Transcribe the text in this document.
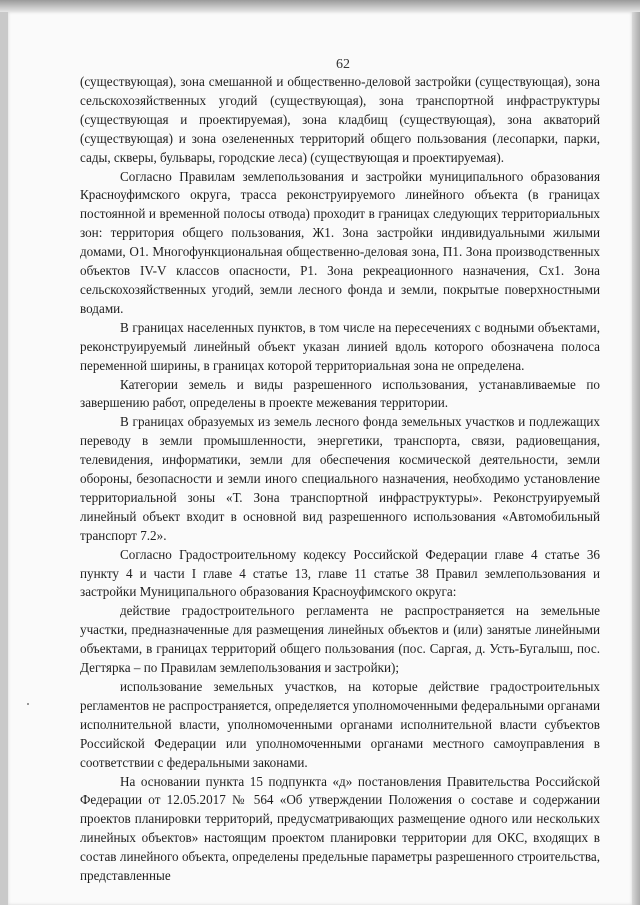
62

(существующая), зона смешанной и общественно-деловой застройки (существующая), зона сельскохозяйственных угодий (существующая), зона транспортной инфраструктуры (существующая и проектируемая), зона кладбищ (существующая), зона акваторий (существующая) и зона озелененных территорий общего пользования (лесопарки, парки, сады, скверы, бульвары, городские леса) (существующая и проектируемая).

Согласно Правилам землепользования и застройки муниципального образования Красноуфимского округа, трасса реконструируемого линейного объекта (в границах постоянной и временной полосы отвода) проходит в границах следующих территориальных зон: территория общего пользования, Ж1. Зона застройки индивидуальными жилыми домами, О1. Многофункциональная общественно-деловая зона, П1. Зона производственных объектов IV-V классов опасности, Р1. Зона рекреационного назначения, Сх1. Зона сельскохозяйственных угодий, земли лесного фонда и земли, покрытые поверхностными водами.

В границах населенных пунктов, в том числе на пересечениях с водными объектами, реконструируемый линейный объект указан линией вдоль которого обозначена полоса переменной ширины, в границах которой территориальная зона не определена.

Категории земель и виды разрешенного использования, устанавливаемые по завершению работ, определены в проекте межевания территории.

В границах образуемых из земель лесного фонда земельных участков и подлежащих переводу в земли промышленности, энергетики, транспорта, связи, радиовещания, телевидения, информатики, земли для обеспечения космической деятельности, земли обороны, безопасности и земли иного специального назначения, необходимо установление территориальной зоны «Т. Зона транспортной инфраструктуры». Реконструируемый линейный объект входит в основной вид разрешенного использования «Автомобильный транспорт 7.2».

Согласно Градостроительному кодексу Российской Федерации главе 4 статье 36 пункту 4 и части I главе 4 статье 13, главе 11 статье 38 Правил землепользования и застройки Муниципального образования Красноуфимского округа:

действие градостроительного регламента не распространяется на земельные участки, предназначенные для размещения линейных объектов и (или) занятые линейными объектами, в границах территорий общего пользования (пос. Саргая, д. Усть-Бугалыш, пос. Дегтярка – по Правилам землепользования и застройки);

использование земельных участков, на которые действие градостроительных регламентов не распространяется, определяется уполномоченными федеральными органами исполнительной власти, уполномоченными органами исполнительной власти субъектов Российской Федерации или уполномоченными органами местного самоуправления в соответствии с федеральными законами.

На основании пункта 15 подпункта «д» постановления Правительства Российской Федерации от 12.05.2017 № 564 «Об утверждении Положения о составе и содержании проектов планировки территорий, предусматривающих размещение одного или нескольких линейных объектов» настоящим проектом планировки территории для ОКС, входящих в состав линейного объекта, определены предельные параметры разрешенного строительства, представленные
